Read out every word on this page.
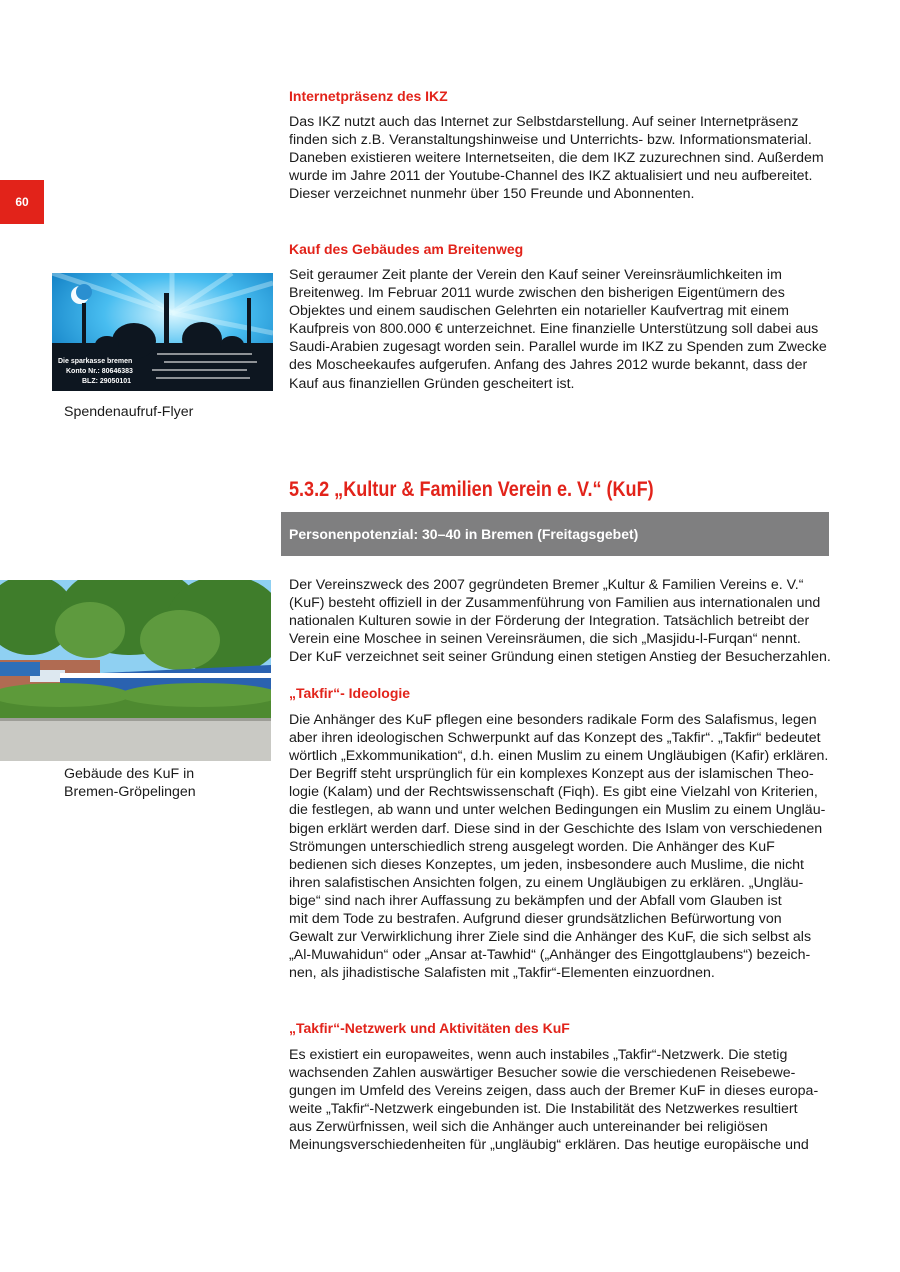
60
Internetpräsenz des IKZ
Das IKZ nutzt auch das Internet zur Selbstdarstellung. Auf seiner Internetpräsenz
finden sich z.B. Veranstaltungshinweise und Unterrichts- bzw. Informationsmaterial.
Daneben existieren weitere Internetseiten, die dem IKZ zuzurechnen sind. Außerdem
wurde im Jahre 2011 der Youtube-Channel des IKZ aktualisiert und neu aufbereitet.
Dieser verzeichnet nunmehr über 150 Freunde und Abonnenten.
Kauf des Gebäudes am Breitenweg
Seit geraumer Zeit plante der Verein den Kauf seiner Vereinsräumlichkeiten im
Breitenweg. Im Februar 2011 wurde zwischen den bisherigen Eigentümern des
Objektes und einem saudischen Gelehrten ein notarieller Kaufvertrag mit einem
Kaufpreis von 800.000 € unterzeichnet. Eine finanzielle Unterstützung soll dabei aus
Saudi-Arabien zugesagt worden sein. Parallel wurde im IKZ zu Spenden zum Zwecke
des Moscheekaufes aufgerufen. Anfang des Jahres 2012 wurde bekannt, dass der
Kauf aus finanziellen Gründen gescheitert ist.
Die sparkasse bremen
Konto Nr.: 80646383
BLZ: 29050101

Spendenaufruf-Flyer

5.3.2 „Kultur & Familien Verein e. V.“ (KuF)
Personenpotenzial: 30–40 in Bremen (Freitagsgebet)
Gebäude des KuF in
Bremen-Gröpelingen
Der Vereinszweck des 2007 gegründeten Bremer „Kultur & Familien Vereins e. V.“
(KuF) besteht offiziell in der Zusammenführung von Familien aus internationalen und
nationalen Kulturen sowie in der Förderung der Integration. Tatsächlich betreibt der
Verein eine Moschee in seinen Vereinsräumen, die sich „Masjidu-l-Furqan“ nennt.
Der KuF verzeichnet seit seiner Gründung einen stetigen Anstieg der Besucherzahlen.
„Takfir“- Ideologie
Die Anhänger des KuF pflegen eine besonders radikale Form des Salafismus, legen
aber ihren ideologischen Schwerpunkt auf das Konzept des „Takfir“. „Takfir“ bedeutet
wörtlich „Exkommunikation“, d.h. einen Muslim zu einem Ungläubigen (Kafir) erklären.
Der Begriff steht ursprünglich für ein komplexes Konzept aus der islamischen Theo-
logie (Kalam) und der Rechtswissenschaft (Fiqh). Es gibt eine Vielzahl von Kriterien,
die festlegen, ab wann und unter welchen Bedingungen ein Muslim zu einem Ungläu-
bigen erklärt werden darf. Diese sind in der Geschichte des Islam von verschiedenen
Strömungen unterschiedlich streng ausgelegt worden. Die Anhänger des KuF
bedienen sich dieses Konzeptes, um jeden, insbesondere auch Muslime, die nicht
ihren salafistischen Ansichten folgen, zu einem Ungläubigen zu erklären. „Ungläu-
bige“ sind nach ihrer Auffassung zu bekämpfen und der Abfall vom Glauben ist
mit dem Tode zu bestrafen. Aufgrund dieser grundsätzlichen Befürwortung von
Gewalt zur Verwirklichung ihrer Ziele sind die Anhänger des KuF, die sich selbst als
„Al-Muwahidun“ oder „Ansar at-Tawhid“ („Anhänger des Eingottglaubens“) bezeich-
nen, als jihadistische Salafisten mit „Takfir“-Elementen einzuordnen.
„Takfir“-Netzwerk und Aktivitäten des KuF
Es existiert ein europaweites, wenn auch instabiles „Takfir“-Netzwerk. Die stetig
wachsenden Zahlen auswärtiger Besucher sowie die verschiedenen Reisebewe-
gungen im Umfeld des Vereins zeigen, dass auch der Bremer KuF in dieses europa-
weite „Takfir“-Netzwerk eingebunden ist. Die Instabilität des Netzwerkes resultiert
aus Zerwürfnissen, weil sich die Anhänger auch untereinander bei religiösen
Meinungsverschiedenheiten für „ungläubig“ erklären. Das heutige europäische und
